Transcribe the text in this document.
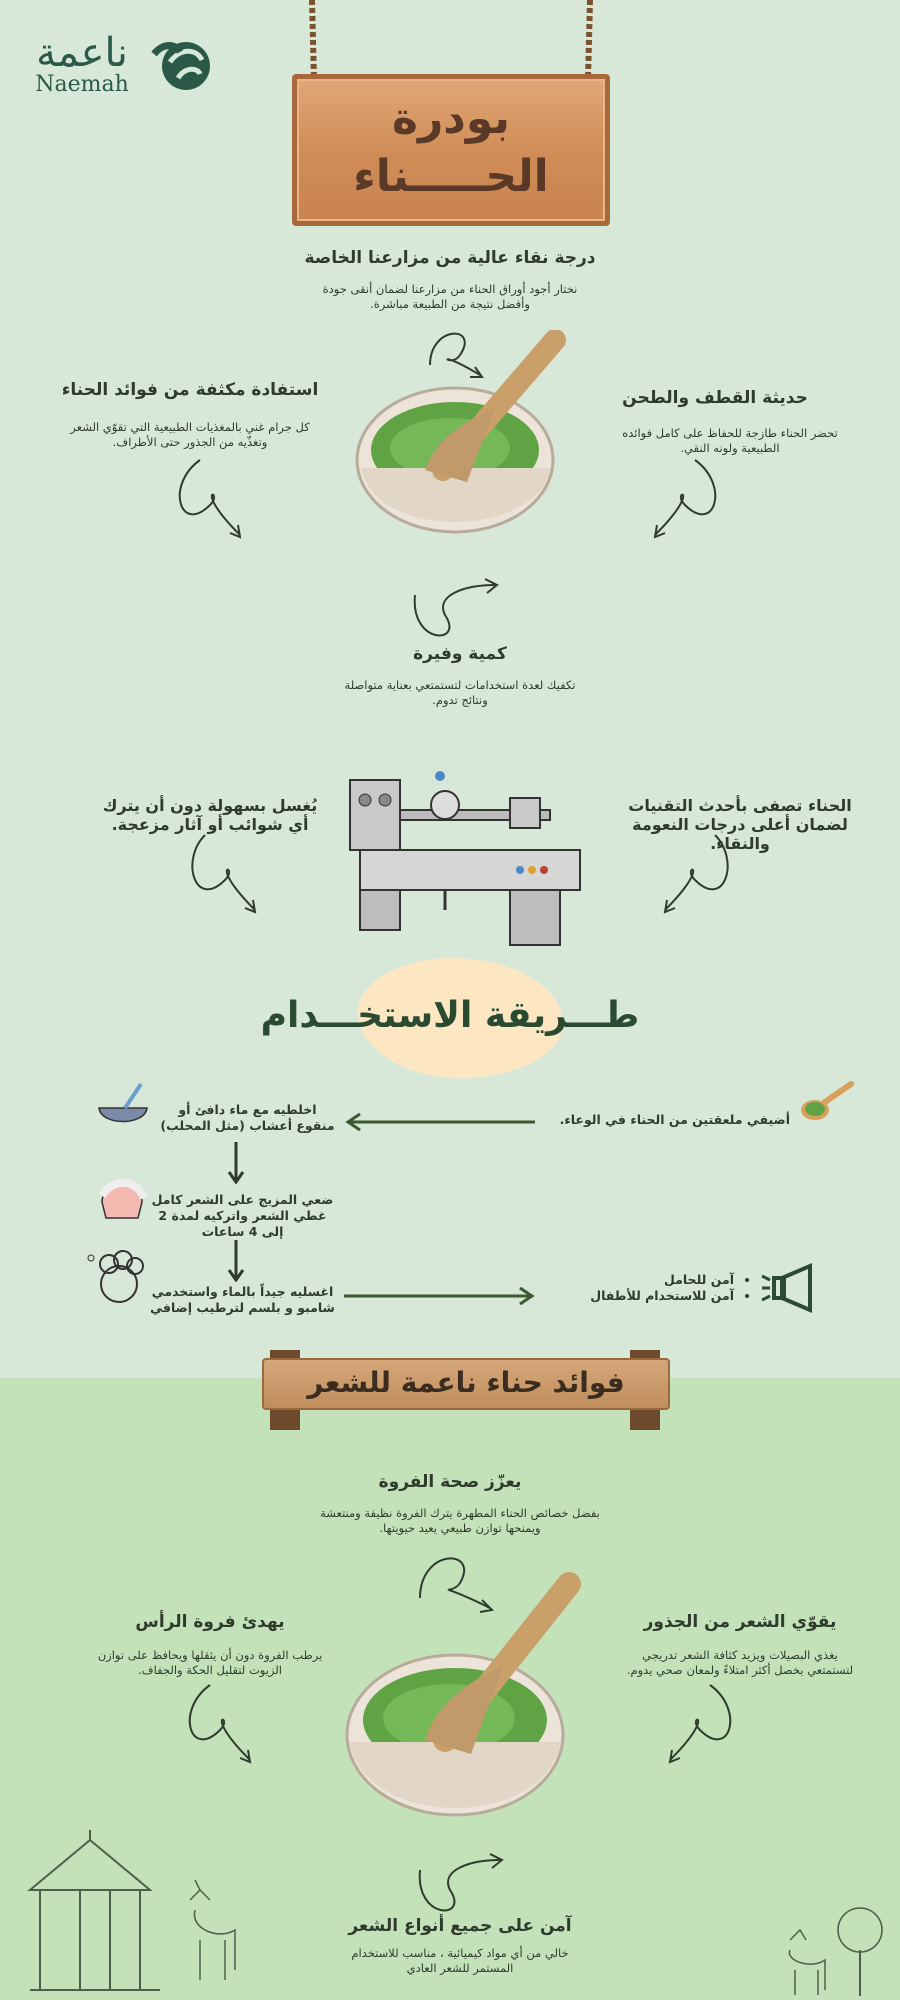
ناعمة
Naemah
بودرة
الحـــــناء
درجة نقاء عالية من مزارعنا الخاصة
نختار أجود أوراق الحناء من مزارعنا لضمان أنقى جودة وأفضل نتيجة من الطبيعة مباشرة.
استفادة مكثفة من فوائد الحناء
كل جرام غني بالمغذيات الطبيعية التي تقوّي الشعر وتغذّيه من الجذور حتى الأطراف.
حديثة القطف والطحن
تحضر الحناء طازجة للحفاظ على كامل فوائده الطبيعية ولونه النقي.
كمية وفيرة
تكفيك لعدة استخدامات لتستمتعي بعناية متواصلة ونتائج تدوم.
يُغسل بسهولة دون أن يترك أي شوائب أو آثار مزعجة.
الحناء تصفى بأحدث التقنيات لضمان أعلى درجات النعومة والنقاء.
طـــريقة الاستخـــدام
أضيفي ملعقتين من الحناء في الوعاء.
اخلطيه مع ماء دافئ أو منقوع أعشاب (مثل المحلب)
ضعي المزيج على الشعر كامل غطي الشعر واتركيه لمدة 2 إلى 4 ساعات
اغسليه جيداً بالماء واستخدمي شامبو و بلسم لترطيب إضافي
• آمن للحامل
• آمن للاستخدام للأطفال
فوائد حناء ناعمة للشعر
يعزّز صحة الفروة
بفضل خصائص الحناء المطهرة يترك الفروة نظيفة ومنتعشة ويمنحها توازن طبيعي يعيد حيويتها.
يهدئ فروة الرأس
يرطب الفروة دون أن يثقلها ويحافظ على توازن الزيوت لتقليل الحكة والجفاف.
يقوّي الشعر من الجذور
يغذي البصيلات ويزيد كثافة الشعر تدريجي لتستمتعي بخصل أكثر امتلاءً ولمعان صحي يدوم.
آمن على جميع أنواع الشعر
خالي من أي مواد كيميائية ، مناسب للاستخدام المستمر للشعر العادي
